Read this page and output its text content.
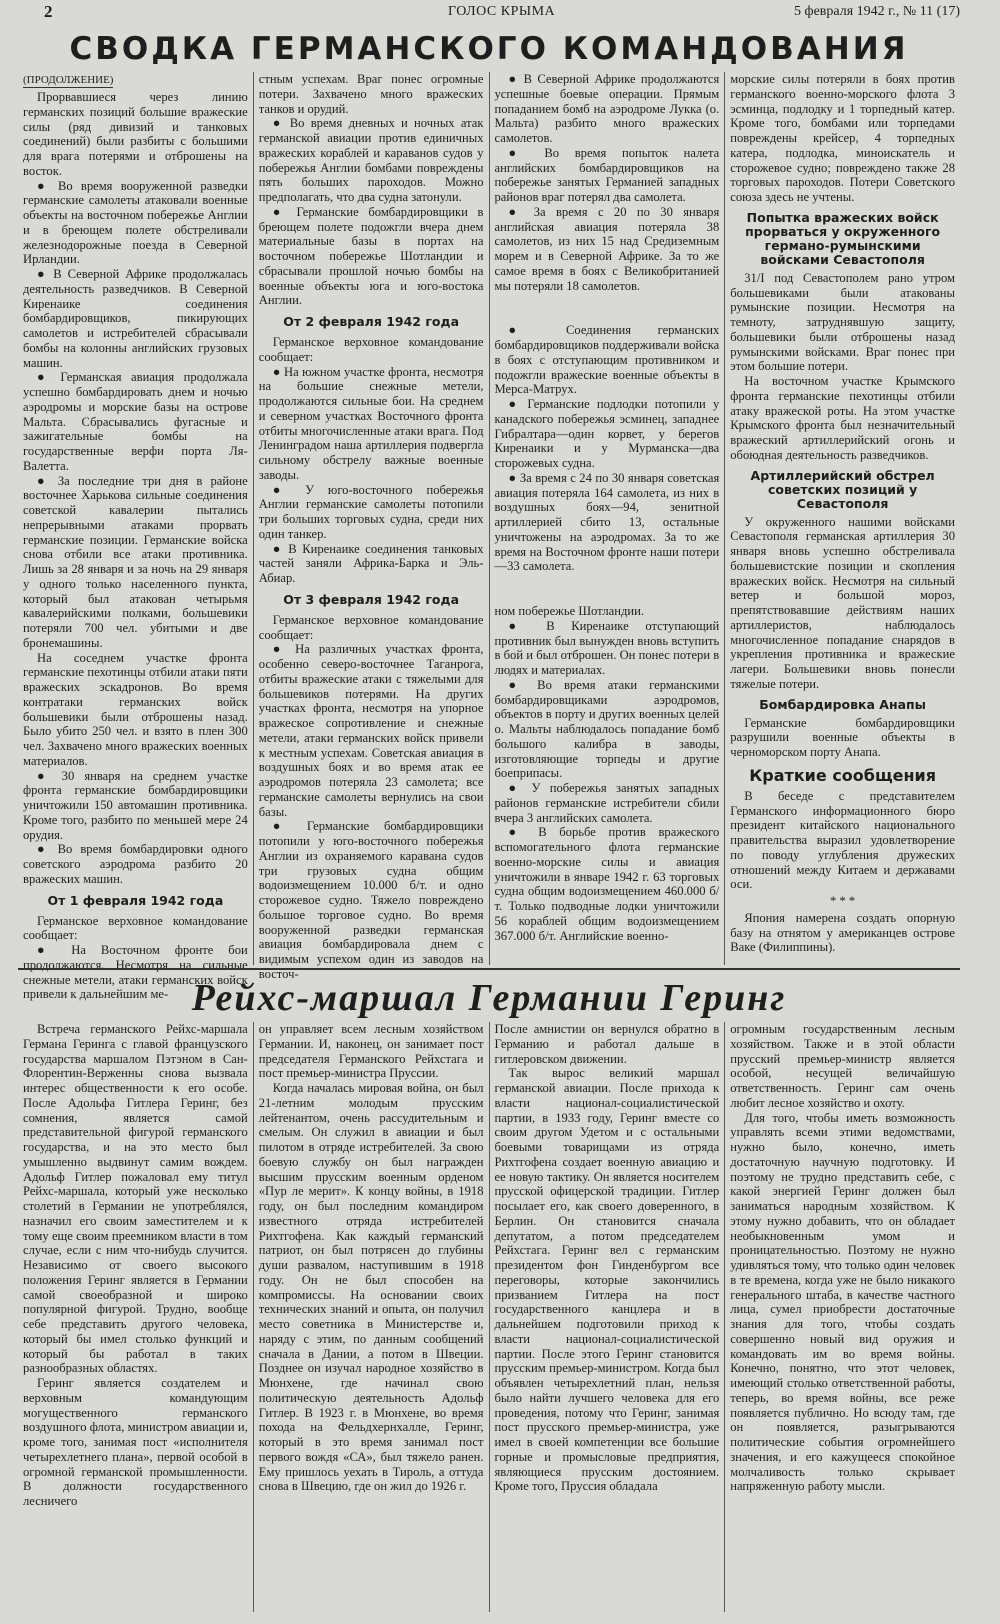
2	ГОЛОС КРЫМА	5 февраля 1942 г., № 11 (17)
СВОДКА ГЕРМАНСКОГО КОМАНДОВАНИЯ
(ПРОДОЛЖЕНИЕ)

Прорвавшиеся через линию германских позиций большие вражеские силы (ряд дивизий и танковых соединений) были разбиты с большими для врага потерями и отброшены на восток.

● Во время вооруженной разведки германские самолеты атаковали военные объекты на восточном побережье Англии и в бреющем полете обстреливали железнодорожные поезда в Северной Ирландии.

● В Северной Африке продолжалась деятельность разведчиков. В Северной Киренаике соединения бомбардировщиков, пикирующих самолетов и истребителей сбрасывали бомбы на колонны английских грузовых машин.

● Германская авиация продолжала успешно бомбардировать днем и ночью аэродромы и морские базы на острове Мальта. Сбрасывались фугасные и зажигательные бомбы на государственные верфи порта Ля-Валетта.

● За последние три дня в районе восточнее Харькова сильные соединения советской кавалерии пытались непрерывными атаками прорвать германские позиции. Германские войска снова отбили все атаки противника. Лишь за 28 января и за ночь на 29 января у одного только населенного пункта, который был атакован четырьмя кавалерийскими полками, большевики потеряли 700 чел. убитыми и две бронемашины.

На соседнем участке фронта германские пехотинцы отбили атаки пяти вражеских эскадронов. Во время контратаки германских войск большевики были отброшены назад. Было убито 250 чел. и взято в плен 300 чел. Захвачено много вражеских военных материалов.

● 30 января на среднем участке фронта германские бомбардировщики уничтожили 150 автомашин противника. Кроме того, разбито по меньшей мере 24 орудия.

● Во время бомбардировки одного советского аэродрома разбито 20 вражеских машин.

От 1 февраля 1942 года

Германское верховное командование сообщает:

● На Восточном фронте бои продолжаются. Несмотря на сильные снежные метели, атаки германских войск привели к дальнейшим ме-

стным успехам. Враг понес огромные потери. Захвачено много вражеских танков и орудий.

● Во время дневных и ночных атак германской авиации против единичных вражеских кораблей и караванов судов у побережья Англии бомбами повреждены пять больших пароходов. Можно предполагать, что два судна затонули.

● Германские бомбардировщики в бреющем полете подожгли вчера днем материальные базы в портах на восточном побережье Шотландии и сбрасывали прошлой ночью бомбы на военные объекты юга и юго-востока Англии.

От 2 февраля 1942 года

Германское верховное командование сообщает:

● На южном участке фронта, несмотря на большие снежные метели, продолжаются сильные бои. На среднем и северном участках Восточного фронта отбиты многочисленные атаки врага. Под Ленинградом наша артиллерия подвергла сильному обстрелу важные военные заводы.

● У юго-восточного побережья Англии германские самолеты потопили три больших торговых судна, среди них один танкер.

● В Киренаике соединения танковых частей заняли Африка-Барка и Эль-Абиар.

От 3 февраля 1942 года

Германское верховное командование сообщает:

● На различных участках фронта, особенно северо-восточнее Таганрога, отбиты вражеские атаки с тяжелыми для большевиков потерями. На других участках фронта, несмотря на упорное вражеское сопротивление и снежные метели, атаки германских войск привели к местным успехам. Советская авиация в воздушных боях и во время атак ее аэродромов потеряла 23 самолета; все германские самолеты вернулись на свои базы.

● Германские бомбардировщики потопили у юго-восточного побережья Англии из охраняемого каравана судов три грузовых судна общим водоизмещением 10.000 б/т. и одно сторожевое судно. Тяжело повреждено большое торговое судно. Во время вооруженной разведки германская авиация бомбардировала днем с видимым успехом один из заводов на восточ-

● В Северной Африке продолжаются успешные боевые операции. Прямым попаданием бомб на аэродроме Лукка (о. Мальта) разбито много вражеских самолетов.

● Во время попыток налета английских бомбардировщиков на побережье занятых Германией западных районов враг потерял два самолета.

● За время с 20 по 30 января английская авиация потеряла 38 самолетов, из них 15 над Средиземным морем и в Северной Африке. За то же самое время в боях с Великобританией мы потеряли 18 самолетов.

● Соединения германских бомбардировщиков поддерживали войска в боях с отступающим противником и подожгли вражеские военные объекты в Мерса-Матрух.

● Германские подлодки потопили у канадского побережья эсминец, западнее Гибралтара—один корвет, у берегов Киренаики и у Мурманска—два сторожевых судна.

● За время с 24 по 30 января советская авиация потеряла 164 самолета, из них в воздушных боях—94, зенитной артиллерией сбито 13, остальные уничтожены на аэродромах. За то же время на Восточном фронте наши потери—33 самолета.

ном побережье Шотландии.

● В Киренаике отступающий противник был вынужден вновь вступить в бой и был отброшен. Он понес потери в людях и материалах.

● Во время атаки германскими бомбардировщиками аэродромов, объектов в порту и других военных целей о. Мальты наблюдалось попадание бомб большого калибра в заводы, изготовляющие торпеды и другие боеприпасы.

● У побережья занятых западных районов германские истребители сбили вчера 3 английских самолета.

● В борьбе против вражеского вспомогательного флота германские военно-морские силы и авиация уничтожили в январе 1942 г. 63 торговых судна общим водоизмещением 460.000 б/т. Только подводные лодки уничтожили 56 кораблей общим водоизмещением 367.000 б/т. Английские военно-

морские силы потеряли в боях против германского военно-морского флота 3 эсминца, подлодку и 1 торпедный катер. Кроме того, бомбами или торпедами повреждены крейсер, 4 торпедных катера, подлодка, миноискатель и сторожевое судно; повреждено также 28 торговых пароходов. Потери Советского союза здесь не учтены.

Попытка вражеских войск прорваться у окруженного германо-румынскими войсками Севастополя

31/I под Севастополем рано утром большевиками были атакованы румынские позиции. Несмотря на темноту, затруднявшую защиту, большевики были отброшены назад румынскими войсками. Враг понес при этом большие потери.

На восточном участке Крымского фронта германские пехотинцы отбили атаку вражеской роты. На этом участке Крымского фронта был незначительный вражеский артиллерийский огонь и обоюдная деятельность разведчиков.

Артиллерийский обстрел советских позиций у Севастополя

У окруженного нашими войсками Севастополя германская артиллерия 30 января вновь успешно обстреливала большевистские позиции и скопления вражеских войск. Несмотря на сильный ветер и большой мороз, препятствовавшие действиям наших артиллеристов, наблюдалось многочисленное попадание снарядов в укрепления противника и вражеские лагери. Большевики вновь понесли тяжелые потери.

Бомбардировка Анапы

Германские бомбардировщики разрушили военные объекты в черноморском порту Анапа.

Краткие сообщения

В беседе с представителем Германского информационного бюро президент китайского национального правительства выразил удовлетворение по поводу углубления дружеских отношений между Китаем и державами оси.

* * *

Япония намерена создать опорную базу на отнятом у американцев острове Ваке (Филиппины).

Рейхс-маршал Германии Геринг

Встреча германского Рейхс-маршала Германа Геринга с главой французского государства маршалом Пэтэном в Сан-Флорентин-Верженны снова вызвала интерес общественности к его особе. После Адольфа Гитлера Геринг, без сомнения, является самой представительной фигурой германского государства, и на это место был умышленно выдвинут самим вождем. Адольф Гитлер пожаловал ему титул Рейхс-маршала, который уже несколько столетий в Германии не употреблялся, назначил его своим заместителем и к тому еще своим преемником власти в том случае, если с ним что-нибудь случится. Независимо от своего высокого положения Геринг является в Германии самой своеобразной и широко популярной фигурой. Трудно, вообще себе представить другого человека, который бы имел столько функций и который бы работал в таких разнообразных областях.

Геринг является создателем и верховным командующим могущественного германского воздушного флота, министром авиации и, кроме того, занимая пост «исполнителя четырехлетнего плана», первой особой в огромной германской промышленности. В должности государственного лесничего

он управляет всем лесным хозяйством Германии. И, наконец, он занимает пост председателя Германского Рейхстага и пост премьер-министра Пруссии.

Когда началась мировая война, он был 21-летним молодым прусским лейтенантом, очень рассудительным и смелым. Он служил в авиации и был пилотом в отряде истребителей. За свою боевую службу он был награжден высшим прусским военным орденом «Пур ле мерит». К концу войны, в 1918 году, он был последним командиром известного отряда истребителей Рихтгофена. Как каждый германский патриот, он был потрясен до глубины души развалом, наступившим в 1918 году. Он не был способен на компромиссы. На основании своих технических знаний и опыта, он получил место советника в Министерстве и, наряду с этим, по данным сообщений сначала в Дании, а потом в Швеции. Позднее он изучал народное хозяйство в Мюнхене, где начинал свою политическую деятельность Адольф Гитлер. В 1923 г. в Мюнхене, во время похода на Фельдхернхалле, Геринг, который в это время занимал пост первого вождя «СА», был тяжело ранен. Ему пришлось уехать в Тироль, а оттуда снова в Швецию, где он жил до 1926 г.

После амнистии он вернулся обратно в Германию и работал дальше в гитлеровском движении.

Так вырос великий маршал германской авиации. После прихода к власти национал-социалистической партии, в 1933 году, Геринг вместе со своим другом Удетом и с остальными боевыми товарищами из отряда Рихтгофена создает военную авиацию и ее новую тактику. Он является носителем прусской офицерской традиции. Гитлер посылает его, как своего доверенного, в Берлин. Он становится сначала депутатом, а потом председателем Рейхстага. Геринг вел с германским президентом фон Гинденбургом все переговоры, которые закончились призванием Гитлера на пост государственного канцлера и в дальнейшем подготовили приход к власти национал-социалистической партии. После этого Геринг становится прусским премьер-министром. Когда был объявлен четырехлетний план, нельзя было найти лучшего человека для его проведения, потому что Геринг, занимая пост прусского премьер-министра, уже имел в своей компетенции все большие горные и промысловые предприятия, являющиеся прусским достоянием. Кроме того, Пруссия обладала

огромным государственным лесным хозяйством. Также и в этой области прусский премьер-министр является особой, несущей величайшую ответственность. Геринг сам очень любит лесное хозяйство и охоту.

Для того, чтобы иметь возможность управлять всеми этими ведомствами, нужно было, конечно, иметь достаточную научную подготовку. И поэтому не трудно представить себе, с какой энергией Геринг должен был заниматься народным хозяйством. К этому нужно добавить, что он обладает необыкновенным умом и проницательностью. Поэтому не нужно удивляться тому, что только один человек в те времена, когда уже не было никакого генерального штаба, в качестве частного лица, сумел приобрести достаточные знания для того, чтобы создать совершенно новый вид оружия и командовать им во время войны. Конечно, понятно, что этот человек, имеющий столько ответственной работы, теперь, во время войны, все реже появляется публично. Но всюду там, где он появляется, разыгрываются политические события огромнейшего значения, и его кажущееся спокойное молчаливость только скрывает напряженную работу мысли.
